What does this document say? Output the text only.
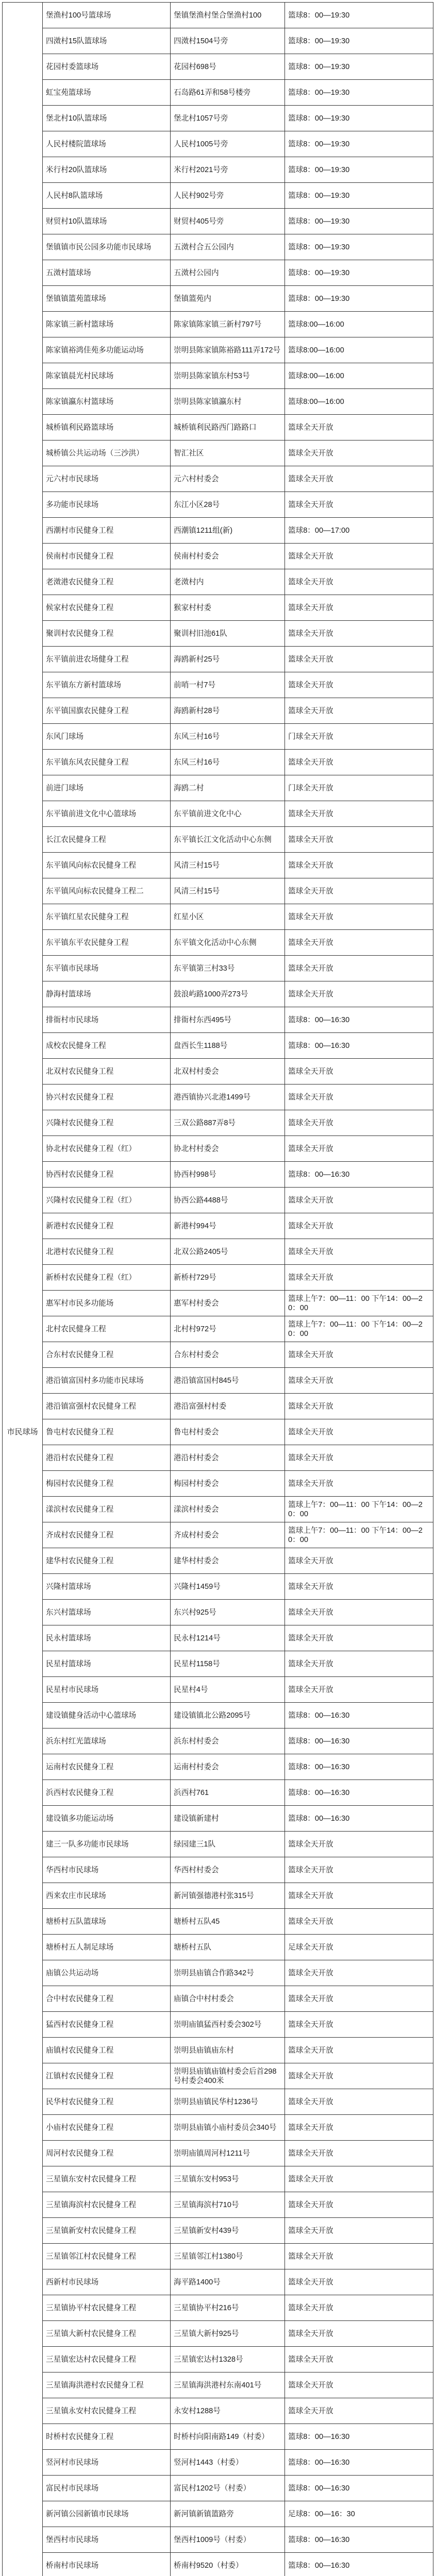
市民球场	堡渔村100号篮球场	堡镇堡渔村堡合堡渔村100	篮球8：00—19:30
	四滧村15队篮球场	四滧村1504号旁	篮球8：00—19:30
	花园村委篮球场	花园村698号	篮球8：00—19:30
	虹宝苑篮球场	石岛路61弄和58号楼旁	篮球8：00—19:30
	堡北村10队篮球场	堡北村1057号旁	篮球8：00—19:30
	人民村楼院篮球场	人民村1005号旁	篮球8：00—19:30
	米行村20队篮球场	米行村2021号旁	篮球8：00—19:30
	人民村8队篮球场	人民村902号旁	篮球8：00—19:30
	财贸村10队篮球场	财贸村405号旁	篮球8：00—19:30
	堡镇镇市民公园多功能市民球场	五滧村合五公园内	篮球8：00—19:30
	五滧村篮球场	五滧村公园内	篮球8：00—19:30
	堡镇镇篮苑篮球场	堡镇篮苑内	篮球8：00—19:30
	陈家镇三新村篮球场	陈家镇陈家镇三新村797号	篮球8:00—16:00
	陈家镇裕鸿佳苑多功能运动场	崇明县陈家镇陈裕路111弄172号	篮球8:00—16:00
	陈家镇晨光村民球场	崇明县陈家镇东村53号	篮球8:00—16:00
	陈家镇瀛东村篮球场	崇明县陈家镇瀛东村	篮球8:00—16:00
	城桥镇利民路篮球场	城桥镇利民路西门路路口	篮球全天开放
	城桥镇公共运动场（三沙洪）	智汇社区	篮球全天开放
	元六村市民球场	元六村村委会	篮球全天开放
	多功能市民球场	东江小区28号	篮球全天开放
	西潮村市民健身工程	西潮镇1211组(新)	篮球8：00—17:00
	侯南村市民健身工程	侯南村村委会	篮球全天开放
	老滧港农民健身工程	老滧村内	篮球全天开放
	候家村农民健身工程	猴家村村委	篮球全天开放
	聚训村农民健身工程	聚训村旧池61队	篮球全天开放
	东平镇前进农场健身工程	海鸥新村25号	篮球全天开放
	东平镇东方新村篮球场	前哨一村7号	篮球全天开放
	东平镇国旗农民健身工程	海鸥新村28号	篮球全天开放
	东风门球场	东风三村16号	门球全天开放
	东平镇东风农民健身工程	东风三村16号	篮球全天开放
	前进门球场	海鸥二村	门球全天开放
	东平镇前进文化中心篮球场	东平镇前进文化中心	篮球全天开放
	长江农民健身工程	东平镇长江文化活动中心东侧	篮球全天开放
	东平镇风向标农民健身工程	风清三村15号	篮球全天开放
	东平镇风向标农民健身工程二	风清三村15号	篮球全天开放
	东平镇红星农民健身工程	红星小区	篮球全天开放
	东平镇东平农民健身工程	东平镇文化活动中心东侧	篮球全天开放
	东平镇市民球场	东平镇第三村33号	篮球全天开放
	静海村篮球场	鼓浪屿路1000弄273号	篮球全天开放
	排衙村市民球场	排衙村东西495号	篮球8：00—16:30
	成校农民健身工程	盘西长生1188号	篮球8：00—16:30
	北双村农民健身工程	北双村村委会	篮球全天开放
	协兴村农民健身工程	港西镇协兴北港1499号	篮球全天开放
	兴隆村农民健身工程	三双公路887弄8号	篮球全天开放
	协北村农民健身工程（红）	协北村村委会	篮球全天开放
	协西村农民健身工程	协西村998号	篮球8：00—16:30
	兴隆村农民健身工程（红）	协西公路4488号	篮球全天开放
	新港村农民健身工程	新港村994号	篮球全天开放
	北港村农民健身工程	北双公路2405号	篮球全天开放
	新桥村农民健身工程（红）	新桥村729号	篮球全天开放
	惠军村市民多功能场	惠军村村委会	篮球上午7：00—11：00 下午14：00—20：00
	北村农民健身工程	北村村972号	篮球上午7：00—11：00 下午14：00—20：00
	合东村农民健身工程	合东村村委会	篮球全天开放
	港沿镇富国村多功能市民球场	港沿镇富国村845号	篮球全天开放
	港沿镇富强村农民健身工程	港沿富强村村委	篮球全天开放
	鲁屯村农民健身工程	鲁屯村村委会	篮球全天开放
	港沿村农民健身工程	港沿村村委会	篮球全天开放
	梅园村农民健身工程	梅园村村委会	篮球全天开放
	漾滨村农民健身工程	漾滨村村委会	篮球上午7：00—11：00 下午14：00—20：00
	齐成村农民健身工程	齐成村村委会	篮球上午7：00—11：00 下午14：00—20：00
	建华村农民健身工程	建华村村委会	篮球全天开放
	兴隆村篮球场	兴隆村1459号	篮球全天开放
	东兴村篮球场	东兴村925号	篮球全天开放
	民永村篮球场	民永村1214号	篮球全天开放
	民星村篮球场	民星村1158号	篮球全天开放
	民星村市民球场	民星村4号	篮球全天开放
	建设镇健身活动中心篮球场	建设镇镇北公路2095号	篮球8：00—16:30
	浜东村红光篮球场	浜东村村委会	篮球8：00—16:30
	运南村农民健身工程	运南村村委会	篮球8：00—16:30
	浜西村农民健身工程	浜西村761	篮球8：00—16:30
	建设镇多功能运动场	建设镇新建村	篮球8：00—16:30
	建三一队多功能市民球场	绿园建三1队	篮球全天开放
	华西村市民球场	华西村村委会	篮球全天开放
	西来农庄市民球场	新河镇强德港村张315号	篮球全天开放
	塘桥村五队篮球场	塘桥村五队45	篮球全天开放
	塘桥村五人制足球场	塘桥村五队	足球全天开放
	庙镇公共运动场	崇明县庙镇合作路342号	篮球全天开放
	合中村农民健身工程	庙镇合中村村委会	篮球全天开放
	猛西村农民健身工程	崇明庙镇猛西村委会302号	篮球全天开放
	庙镇村农民健身工程	崇明县庙镇庙东村	篮球全天开放
	江镇村农民健身工程	崇明县庙镇庙镇村委会后首298号村委会400米	篮球全天开放
	民华村农民健身工程	崇明县庙镇民华村1236号	篮球全天开放
	小庙村农民健身工程	崇明县庙镇小庙村委员会340号	篮球全天开放
	周河村农民健身工程	崇明庙镇周河村1211号	篮球全天开放
	三星镇东安村农民健身工程	三星镇东安村953号	篮球全天开放
	三星镇海滨村农民健身工程	三星镇海滨村710号	篮球全天开放
	三星镇新安村农民健身工程	三星镇新安村439号	篮球全天开放
	三星镇邻江村农民健身工程	三星镇邻江村1380号	篮球全天开放
	西新村市民球场	海平路1400号	篮球全天开放
	三星镇协平村农民健身工程	三星镇协平村216号	篮球全天开放
	三星镇大新村农民健身工程	三星镇大新村925号	篮球全天开放
	三星镇宏达村农民健身工程	三星镇宏达村1328号	篮球全天开放
	三星镇海洪港村农民健身工程	三星镇海洪港村东南401号	篮球全天开放
	三星镇永安村农民健身工程	永安村1288号	篮球全天开放
	时桥村农民健身工程	时桥村向阳南路149（村委）	篮球8：00—16:30
	竖河村市民球场	竖河村1443（村委）	篮球8：00—16:30
	富民村市民球场	富民村1202号（村委）	篮球8：00—16:30
	新河镇公园新镇市民球场	新河镇新镇篮路旁	足球8：00—16：30
	堡西村市民球场	堡西村1009号（村委）	篮球8：00—16:30
	桥南村市民球场	桥南村9520（村委）	篮球8：00—16:30
